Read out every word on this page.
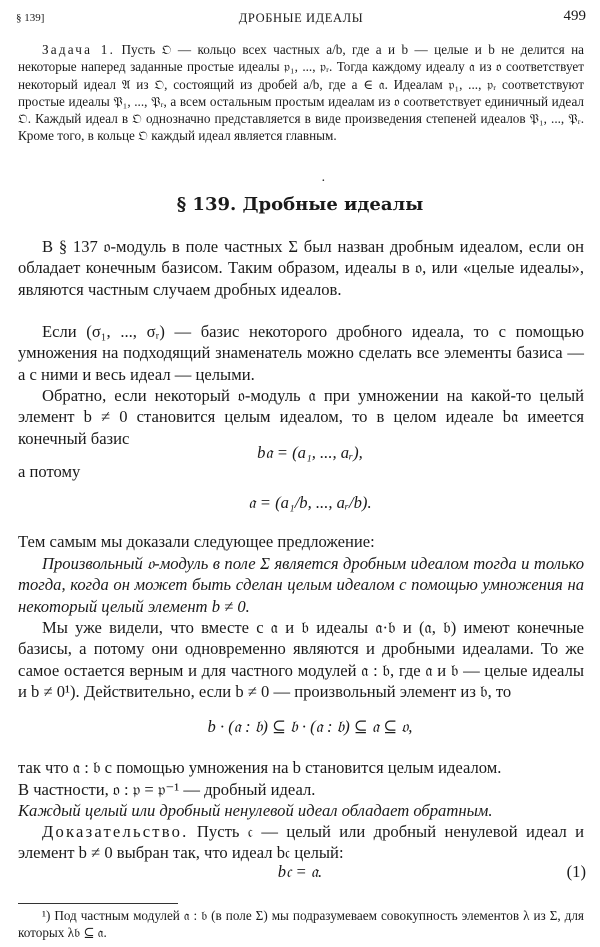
§ 139]	ДРОБНЫЕ ИДЕАЛЫ	499
Задача 1. Пусть 𝔒 — кольцо всех частных a/b, где a и b — целые и b не делится на некоторые наперед заданные простые идеалы 𝔭₁, ..., 𝔭ᵣ. Тогда каждому идеалу 𝔞 из 𝔬 соответствует некоторый идеал 𝔄 из 𝔒, состоящий из дробей a/b, где a ∈ 𝔞. Идеалам 𝔭₁, ..., 𝔭ᵣ соответствуют простые идеалы 𝔓₁, ..., 𝔓ᵣ, а всем остальным простым идеалам из 𝔬 соответствует единичный идеал 𝔒. Каждый идеал в 𝔒 однозначно представляется в виде произведения степеней идеалов 𝔓₁, ..., 𝔓ᵣ. Кроме того, в кольце 𝔒 каждый идеал является главным.
·
§ 139. Дробные идеалы
В § 137 𝔬-модуль в поле частных Σ был назван дробным идеалом, если он обладает конечным базисом. Таким образом, идеалы в 𝔬, или «целые идеалы», являются частным случаем дробных идеалов.
Если (σ₁, ..., σᵣ) — базис некоторого дробного идеала, то с помощью умножения на подходящий знаменатель можно сделать все элементы базиса — а с ними и весь идеал — целыми.
Обратно, если некоторый 𝔬-модуль 𝔞 при умножении на какой-то целый элемент b ≠ 0 становится целым идеалом, то в целом идеале b𝔞 имеется конечный базис
b𝔞 = (a₁, ..., aᵣ),
а потому
𝔞 = (a₁/b, ..., aᵣ/b).
Тем самым мы доказали следующее предложение:
Произвольный 𝔬-модуль в поле Σ является дробным идеалом тогда и только тогда, когда он может быть сделан целым идеалом с помощью умножения на некоторый целый элемент b ≠ 0.
Мы уже видели, что вместе с 𝔞 и 𝔟 идеалы 𝔞·𝔟 и (𝔞, 𝔟) имеют конечные базисы, а потому они одновременно являются и дробными идеалами. То же самое остается верным и для частного модулей 𝔞 : 𝔟, где 𝔞 и 𝔟 — целые идеалы и b ≠ 0¹). Действительно, если b ≠ 0 — произвольный элемент из 𝔟, то
b · (𝔞 : 𝔟) ⊆ 𝔟 · (𝔞 : 𝔟) ⊆ 𝔞 ⊆ 𝔬,
так что 𝔞 : 𝔟 с помощью умножения на b становится целым идеалом.
В частности, 𝔬 : 𝔭 = 𝔭⁻¹ — дробный идеал.
Каждый целый или дробный ненулевой идеал обладает обратным.
Доказательство. Пусть 𝔠 — целый или дробный ненулевой идеал и элемент b ≠ 0 выбран так, что идеал b𝔠 целый:
b𝔠 = 𝔞.	(1)
¹) Под частным модулей 𝔞 : 𝔟 (в поле Σ) мы подразумеваем совокупность элементов λ из Σ, для которых λ𝔟 ⊆ 𝔞.
